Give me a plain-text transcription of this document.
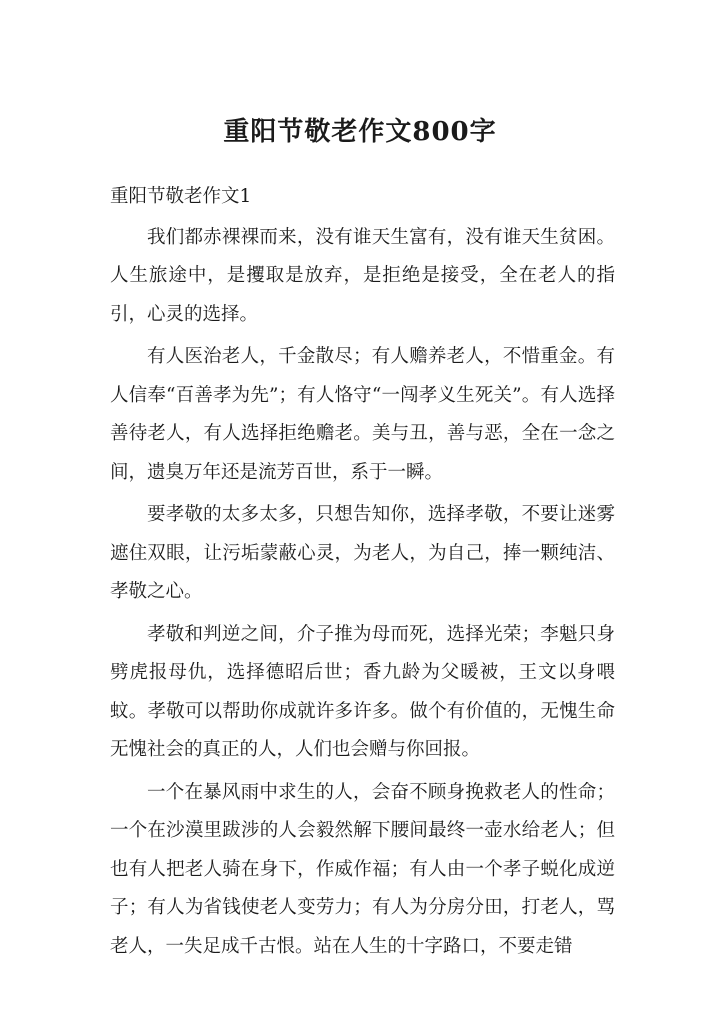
重阳节敬老作文800字
重阳节敬老作文1

我们都赤裸裸而来，没有谁天生富有，没有谁天生贫困。人生旅途中，是攫取是放弃，是拒绝是接受，全在老人的指引，心灵的选择。

有人医治老人，千金散尽；有人赡养老人，不惜重金。有人信奉“百善孝为先”；有人恪守“一闯孝义生死关”。有人选择善待老人，有人选择拒绝赡老。美与丑，善与恶，全在一念之间，遗臭万年还是流芳百世，系于一瞬。

要孝敬的太多太多，只想告知你，选择孝敬，不要让迷雾遮住双眼，让污垢蒙蔽心灵，为老人，为自己，捧一颗纯洁、孝敬之心。

孝敬和判逆之间，介子推为母而死，选择光荣；李魁只身劈虎报母仇，选择德昭后世；香九龄为父暖被，王文以身喂蚊。孝敬可以帮助你成就许多许多。做个有价值的，无愧生命无愧社会的真正的人，人们也会赠与你回报。

一个在暴风雨中求生的人，会奋不顾身挽救老人的性命；一个在沙漠里跋涉的人会毅然解下腰间最终一壶水给老人；但也有人把老人骑在身下，作威作福；有人由一个孝子蜕化成逆子；有人为省钱使老人变劳力；有人为分房分田，打老人，骂老人，一失足成千古恨。站在人生的十字路口，不要走错
